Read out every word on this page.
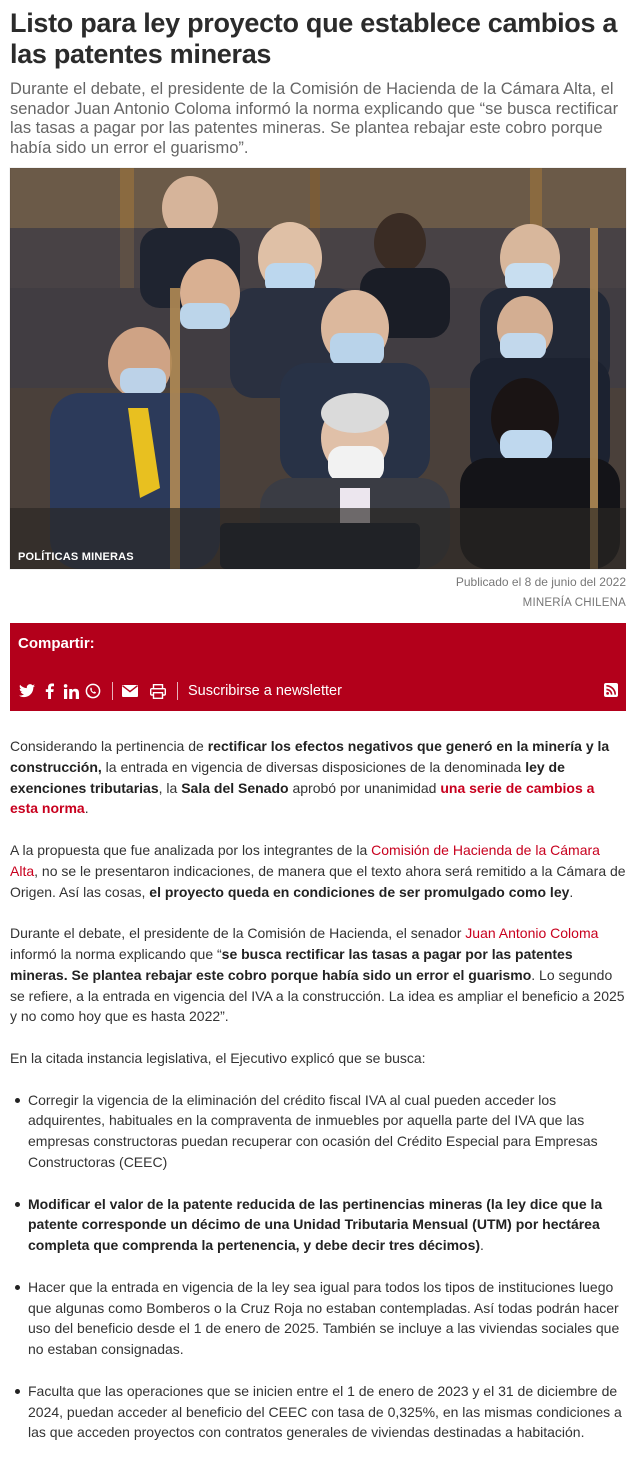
Listo para ley proyecto que establece cambios a las patentes mineras

Durante el debate, el presidente de la Comisión de Hacienda de la Cámara Alta, el senador Juan Antonio Coloma informó la norma explicando que “se busca rectificar las tasas a pagar por las patentes mineras. Se plantea rebajar este cobro porque había sido un error el guarismo”.

POLÍTICAS MINERAS
Publicado el 8 de junio del 2022
MINERÍA CHILENA
Compartir:
Suscribirse a newsletter

Considerando la pertinencia de rectificar los efectos negativos que generó en la minería y la construcción, la entrada en vigencia de diversas disposiciones de la denominada ley de exenciones tributarias, la Sala del Senado aprobó por unanimidad una serie de cambios a esta norma.

A la propuesta que fue analizada por los integrantes de la Comisión de Hacienda de la Cámara Alta, no se le presentaron indicaciones, de manera que el texto ahora será remitido a la Cámara de Origen. Así las cosas, el proyecto queda en condiciones de ser promulgado como ley.

Durante el debate, el presidente de la Comisión de Hacienda, el senador Juan Antonio Coloma informó la norma explicando que “se busca rectificar las tasas a pagar por las patentes mineras. Se plantea rebajar este cobro porque había sido un error el guarismo. Lo segundo se refiere, a la entrada en vigencia del IVA a la construcción. La idea es ampliar el beneficio a 2025 y no como hoy que es hasta 2022”.

En la citada instancia legislativa, el Ejecutivo explicó que se busca:

Corregir la vigencia de la eliminación del crédito fiscal IVA al cual pueden acceder los adquirentes, habituales en la compraventa de inmuebles por aquella parte del IVA que las empresas constructoras puedan recuperar con ocasión del Crédito Especial para Empresas Constructoras (CEEC)
Modificar el valor de la patente reducida de las pertinencias mineras (la ley dice que la patente corresponde un décimo de una Unidad Tributaria Mensual (UTM) por hectárea completa que comprenda la pertenencia, y debe decir tres décimos).
Hacer que la entrada en vigencia de la ley sea igual para todos los tipos de instituciones luego que algunas como Bomberos o la Cruz Roja no estaban contempladas. Así todas podrán hacer uso del beneficio desde el 1 de enero de 2025. También se incluye a las viviendas sociales que no estaban consignadas.
Faculta que las operaciones que se inicien entre el 1 de enero de 2023 y el 31 de diciembre de 2024, puedan acceder al beneficio del CEEC con tasa de 0,325%, en las mismas condiciones a las que acceden proyectos con contratos generales de viviendas destinadas a habitación.
